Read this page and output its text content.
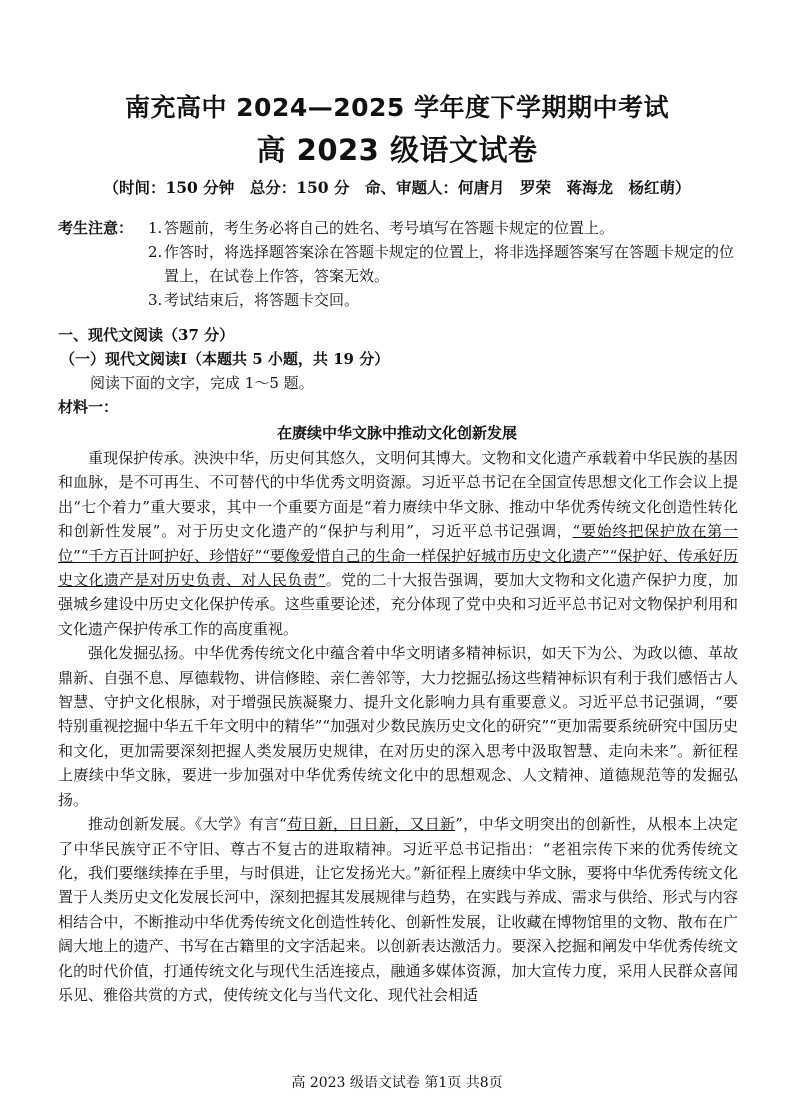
南充高中 2024—2025 学年度下学期期中考试
高 2023 级语文试卷
（时间：150 分钟　总分：150 分　命、审题人：何唐月　罗荣　蒋海龙　杨红萌）
考生注意： 1. 答题前，考生务必将自己的姓名、考号填写在答题卡规定的位置上。
2. 作答时，将选择题答案涂在答题卡规定的位置上，将非选择题答案写在答题卡规定的位置上，在试卷上作答，答案无效。
3. 考试结束后，将答题卡交回。
一、现代文阅读（37 分）
（一）现代文阅读Ⅰ（本题共 5 小题，共 19 分）
阅读下面的文字，完成 1～5 题。
材料一：
在赓续中华文脉中推动文化创新发展

重现保护传承。泱泱中华，历史何其悠久，文明何其博大。文物和文化遗产承载着中华民族的基因和血脉，是不可再生、不可替代的中华优秀文明资源。习近平总书记在全国宣传思想文化工作会议上提出“七个着力”重大要求，其中一个重要方面是“着力赓续中华文脉、推动中华优秀传统文化创造性转化和创新性发展”。对于历史文化遗产的“保护与利用”，习近平总书记强调，“要始终把保护放在第一位”“千方百计呵护好、珍惜好”“要像爱惜自己的生命一样保护好城市历史文化遗产”“保护好、传承好历史文化遗产是对历史负责、对人民负责”。党的二十大报告强调，要加大文物和文化遗产保护力度，加强城乡建设中历史文化保护传承。这些重要论述，充分体现了党中央和习近平总书记对文物保护利用和文化遗产保护传承工作的高度重视。

强化发掘弘扬。中华优秀传统文化中蕴含着中华文明诸多精神标识，如天下为公、为政以德、革故鼎新、自强不息、厚德载物、讲信修睦、亲仁善邻等，大力挖掘弘扬这些精神标识有利于我们感悟古人智慧、守护文化根脉，对于增强民族凝聚力、提升文化影响力具有重要意义。习近平总书记强调，“要特别重视挖掘中华五千年文明中的精华”“加强对少数民族历史文化的研究”“更加需要系统研究中国历史和文化，更加需要深刻把握人类发展历史规律，在对历史的深入思考中汲取智慧、走向未来”。新征程上赓续中华文脉，要进一步加强对中华优秀传统文化中的思想观念、人文精神、道德规范等的发掘弘扬。

推动创新发展。《大学》有言“苟日新，日日新，又日新”，中华文明突出的创新性，从根本上决定了中华民族守正不守旧、尊古不复古的进取精神。习近平总书记指出：“老祖宗传下来的优秀传统文化，我们要继续捧在手里，与时俱进，让它发扬光大。”新征程上赓续中华文脉，要将中华优秀传统文化置于人类历史文化发展长河中，深刻把握其发展规律与趋势，在实践与养成、需求与供给、形式与内容相结合中，不断推动中华优秀传统文化创造性转化、创新性发展，让收藏在博物馆里的文物、散布在广阔大地上的遗产、书写在古籍里的文字活起来。以创新表达激活力。要深入挖掘和阐发中华优秀传统文化的时代价值，打通传统文化与现代生活连接点，融通多媒体资源，加大宣传力度，采用人民群众喜闻乐见、雅俗共赏的方式，使传统文化与当代文化、现代社会相适

高 2023 级语文试卷 第1页 共8页
